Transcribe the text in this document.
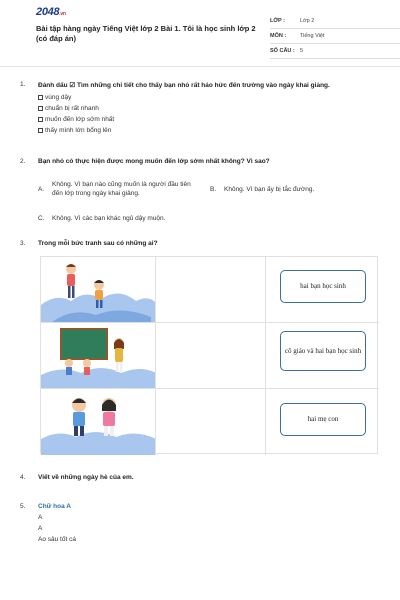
2048.vn
Bài tập hàng ngày Tiếng Việt lớp 2 Bài 1. Tôi là học sinh lớp 2 (có đáp án)
LỚP :	Lớp 2
MÔN :	Tiếng Việt
SỐ CÂU : 5
1. Đánh dấu ☑ Tìm những chi tiết cho thấy bạn nhỏ rất háo hức đến trường vào ngày khai giảng.
vùng dậy
chuẩn bị rất nhanh
muốn đến lớp sớm nhất
thấy mình lớn bổng lên
2. Bạn nhỏ có thực hiện được mong muốn đến lớp sớm nhất không? Vì sao?
A.
Không. Vì bạn nào cũng muốn là người đầu tiên đến lớp trong ngày khai giảng.
B. Không. Vì bạn ấy bị tắc đường.
C. Không. Vì các bạn khác ngủ dậy muộn.
3. Trong mỗi bức tranh sau có những ai?
hai bạn học sinh
cô giáo và hai bạn học sinh
hai mẹ con
4. Viết về những ngày hè của em.
5. Chữ hoa A
A
A
Ao sâu tốt cá
